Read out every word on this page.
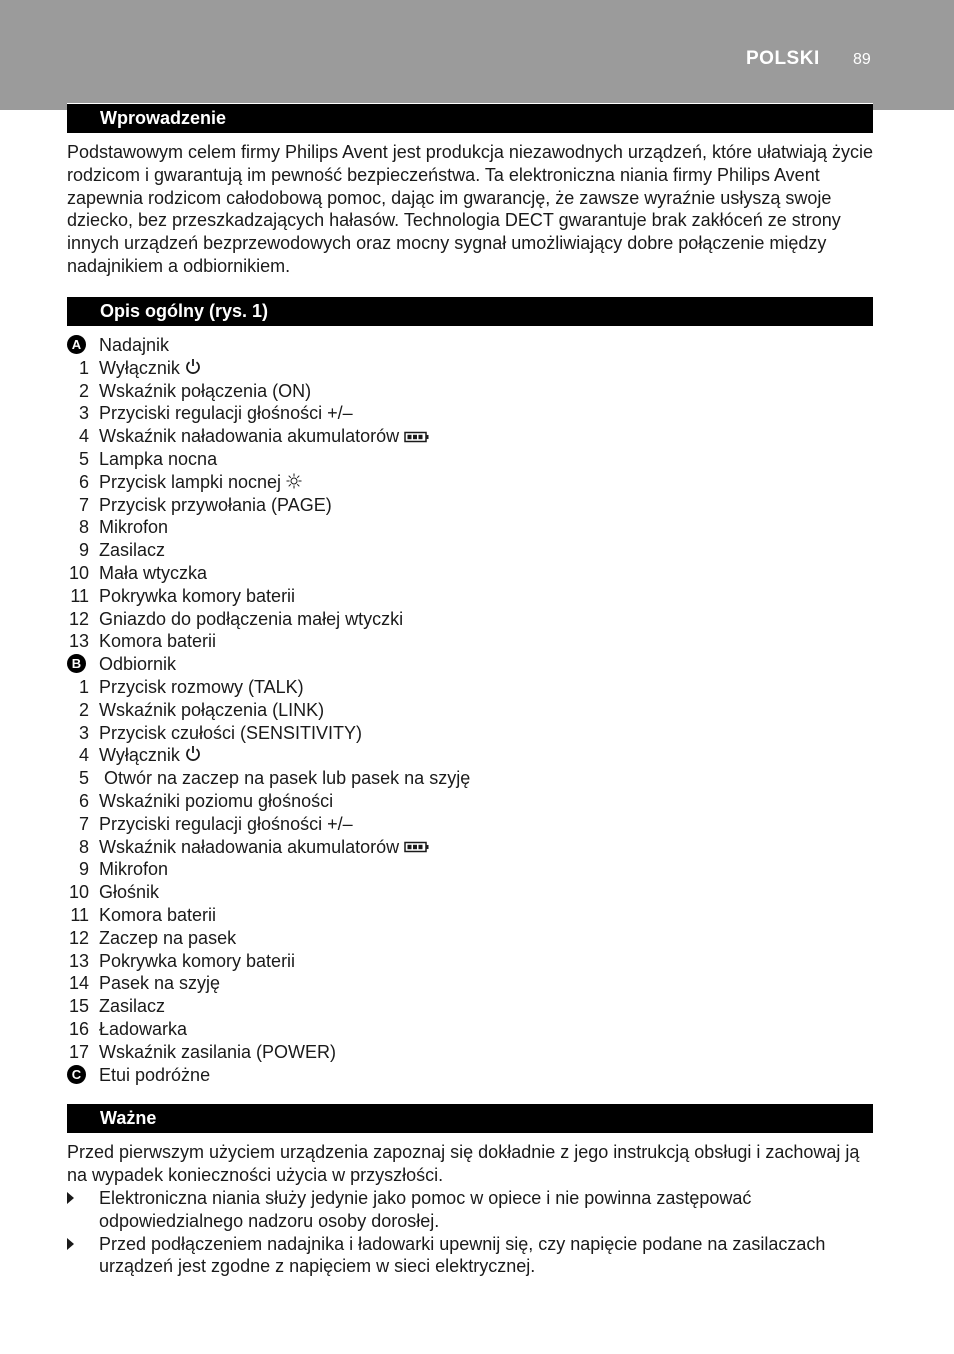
POLSKI 89
Wprowadzenie
Podstawowym celem firmy Philips Avent jest produkcja niezawodnych urządzeń, które ułatwiają życie rodzicom i gwarantują im pewność bezpieczeństwa. Ta elektroniczna niania firmy Philips Avent zapewnia rodzicom całodobową pomoc, dając im gwarancję, że zawsze wyraźnie usłyszą swoje dziecko, bez przeszkadzających hałasów. Technologia DECT gwarantuje brak zakłóceń ze strony innych urządzeń bezprzewodowych oraz mocny sygnał umożliwiający dobre połączenie między nadajnikiem a odbiornikiem.
Opis ogólny (rys. 1)
A Nadajnik
1 Wyłącznik
2 Wskaźnik połączenia (ON)
3 Przyciski regulacji głośności +/–
4 Wskaźnik naładowania akumulatorów
5 Lampka nocna
6 Przycisk lampki nocnej
7 Przycisk przywołania (PAGE)
8 Mikrofon
9 Zasilacz
10 Mała wtyczka
11 Pokrywka komory baterii
12 Gniazdo do podłączenia małej wtyczki
13 Komora baterii
B Odbiornik
1 Przycisk rozmowy (TALK)
2 Wskaźnik połączenia (LINK)
3 Przycisk czułości (SENSITIVITY)
4 Wyłącznik
5 Otwór na zaczep na pasek lub pasek na szyję
6 Wskaźniki poziomu głośności
7 Przyciski regulacji głośności +/–
8 Wskaźnik naładowania akumulatorów
9 Mikrofon
10 Głośnik
11 Komora baterii
12 Zaczep na pasek
13 Pokrywka komory baterii
14 Pasek na szyję
15 Zasilacz
16 Ładowarka
17 Wskaźnik zasilania (POWER)
C Etui podróżne
Ważne
Przed pierwszym użyciem urządzenia zapoznaj się dokładnie z jego instrukcją obsługi i zachowaj ją na wypadek konieczności użycia w przyszłości.
Elektroniczna niania służy jedynie jako pomoc w opiece i nie powinna zastępować odpowiedzialnego nadzoru osoby dorosłej.
Przed podłączeniem nadajnika i ładowarki upewnij się, czy napięcie podane na zasilaczach urządzeń jest zgodne z napięciem w sieci elektrycznej.
